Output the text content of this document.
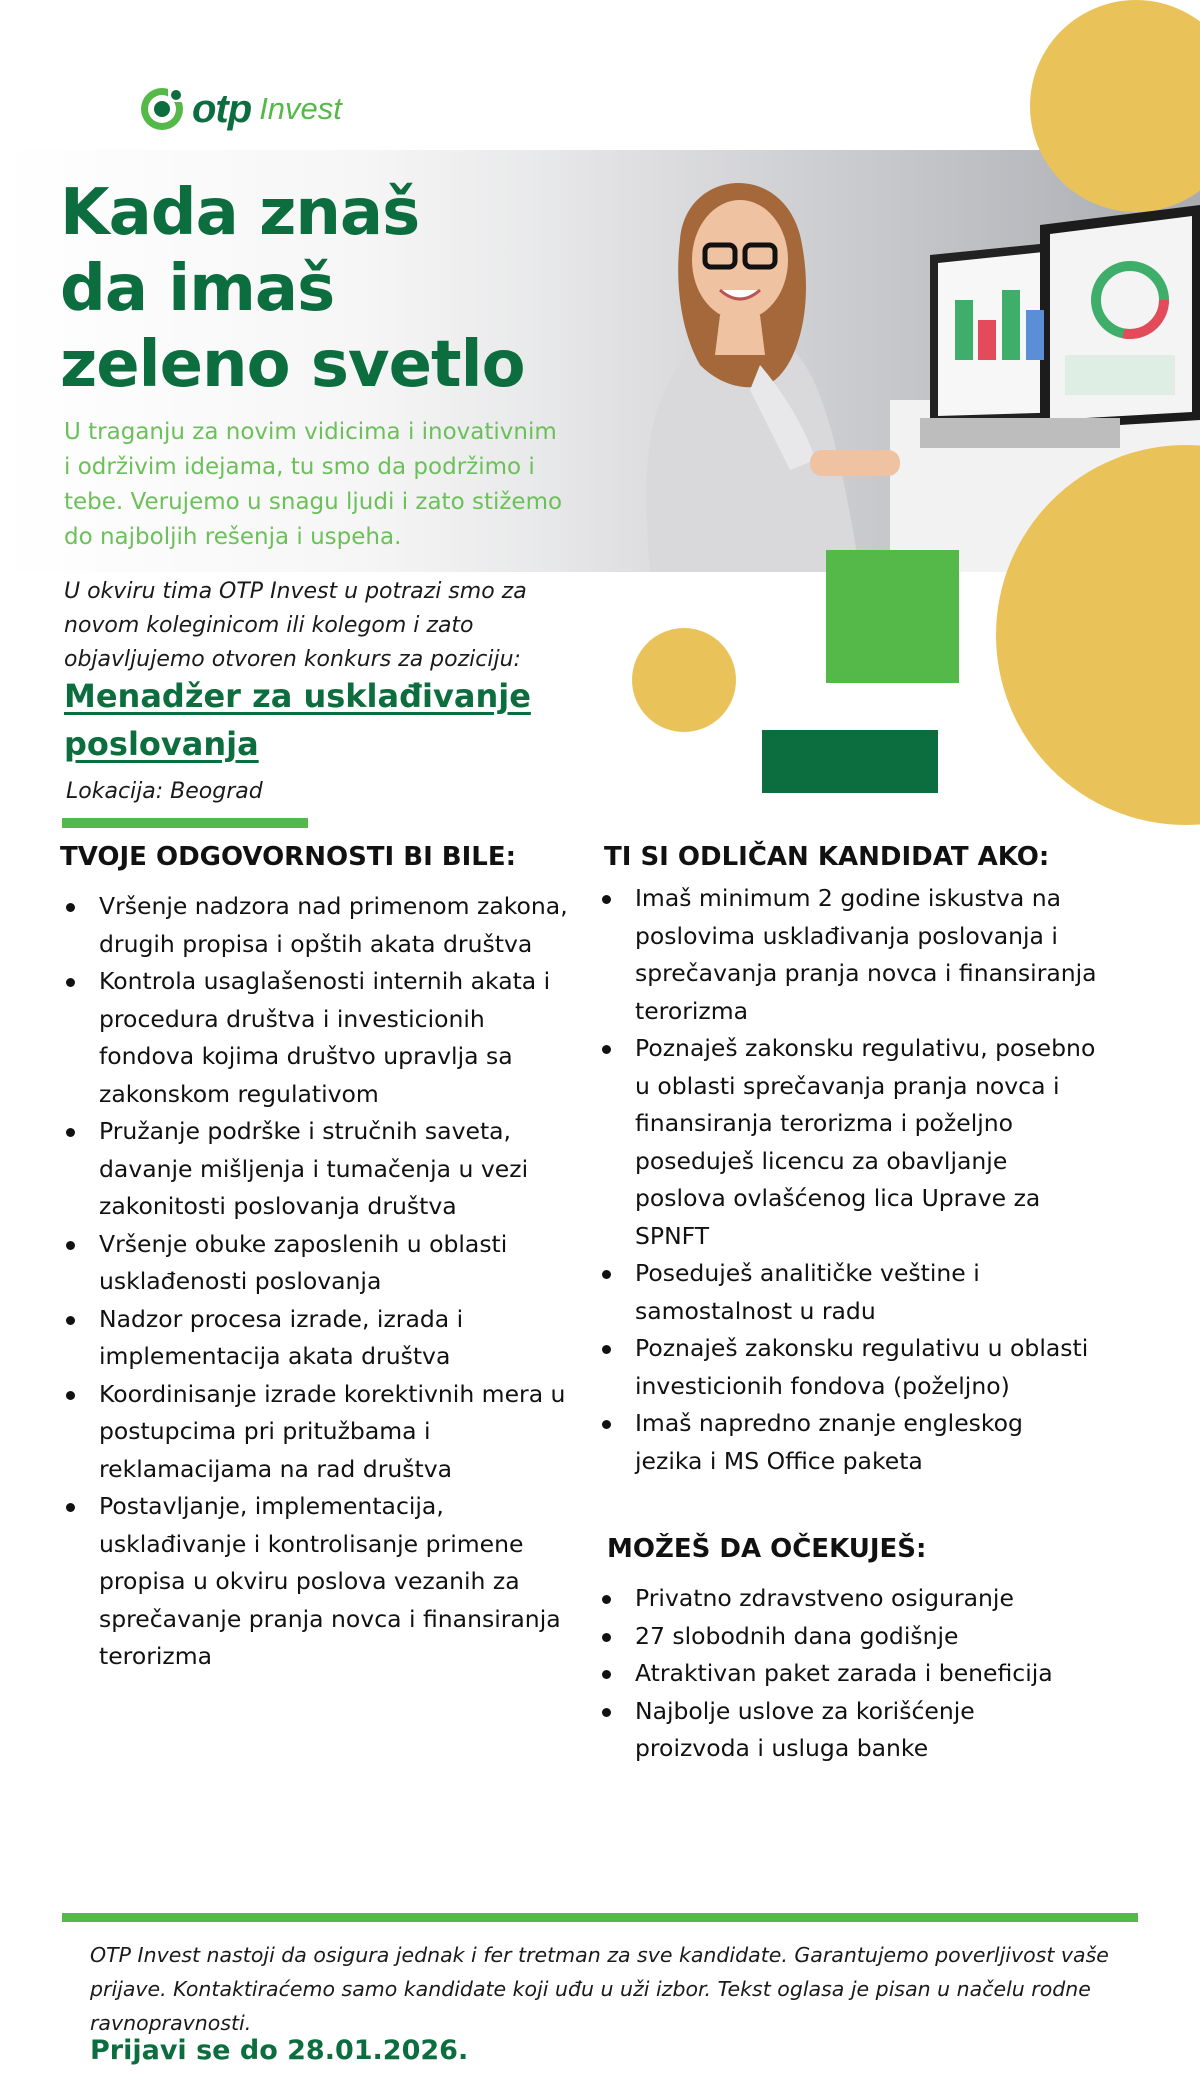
otp Invest
Kada znaš
da imaš
zeleno svetlo

U traganju za novim vidicima i inovativnim i održivim idejama, tu smo da podržimo i tebe. Verujemo u snagu ljudi i zato stižemo do najboljih rešenja i uspeha.

U okviru tima OTP Invest u potrazi smo za novom koleginicom ili kolegom i zato objavljujemo otvoren konkurs za poziciju:

Menadžer za usklađivanje poslovanja

Lokacija: Beograd

TVOJE ODGOVORNOSTI BI BILE:
Vršenje nadzora nad primenom zakona, drugih propisa i opštih akata društva
Kontrola usaglašenosti internih akata i procedura društva i investicionih fondova kojima društvo upravlja sa zakonskom regulativom
Pružanje podrške i stručnih saveta, davanje mišljenja i tumačenja u vezi zakonitosti poslovanja društva
Vršenje obuke zaposlenih u oblasti usklađenosti poslovanja
Nadzor procesa izrade, izrada i implementacija akata društva
Koordinisanje izrade korektivnih mera u postupcima pri pritužbama i reklamacijama na rad društva
Postavljanje, implementacija, usklađivanje i kontrolisanje primene propisa u okviru poslova vezanih za sprečavanje pranja novca i finansiranja terorizma
TI SI ODLIČAN KANDIDAT AKO:
Imaš minimum 2 godine iskustva na poslovima usklađivanja poslovanja i sprečavanja pranja novca i finansiranja terorizma
Poznaješ zakonsku regulativu, posebno u oblasti sprečavanja pranja novca i finansiranja terorizma i poželjno poseduješ licencu za obavljanje poslova ovlašćenog lica Uprave za SPNFT
Poseduješ analitičke veštine i samostalnost u radu
Poznaješ zakonsku regulativu u oblasti investicionih fondova (poželjno)
Imaš napredno znanje engleskog jezika i MS Office paketa
MOŽEŠ DA OČEKUJEŠ:
Privatno zdravstveno osiguranje
27 slobodnih dana godišnje
Atraktivan paket zarada i beneficija
Najbolje uslove za korišćenje proizvoda i usluga banke

OTP Invest nastoji da osigura jednak i fer tretman za sve kandidate. Garantujemo poverljivost vaše prijave. Kontaktiraćemo samo kandidate koji uđu u uži izbor. Tekst oglasa je pisan u načelu rodne ravnopravnosti.

Prijavi se do 28.01.2026.
